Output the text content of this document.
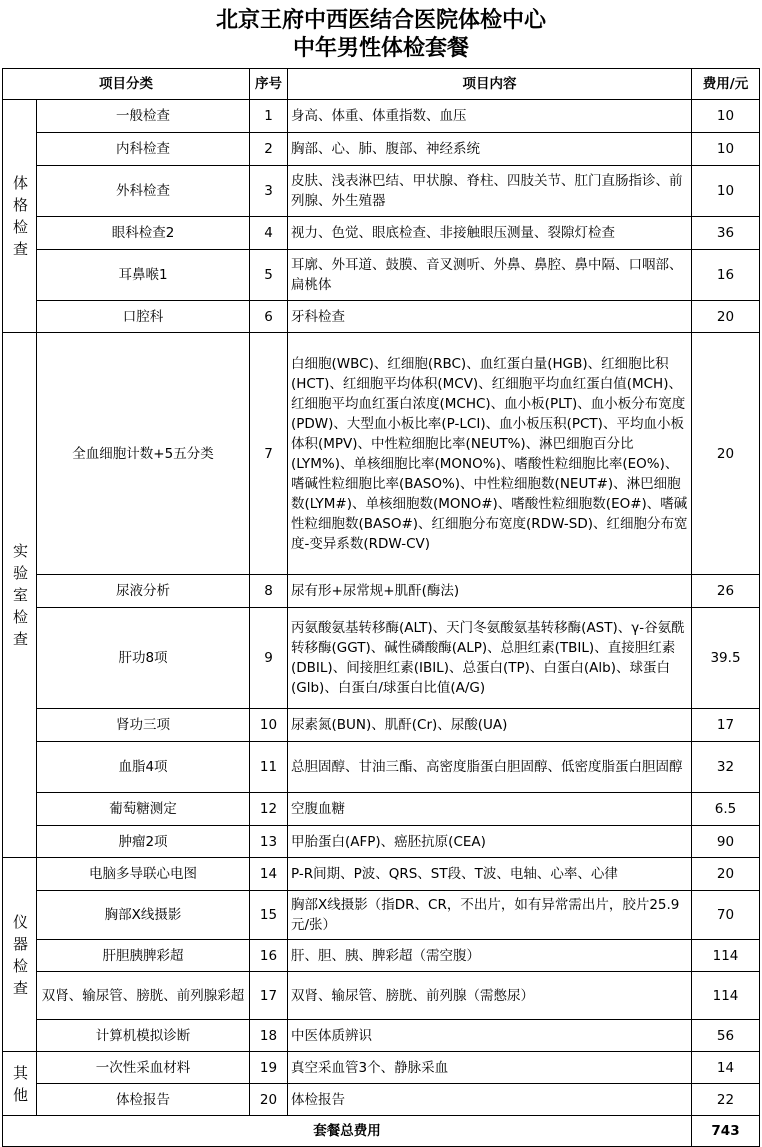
北京王府中西医结合医院体检中心
中年男性体检套餐
项目分类		序号	项目内容	费用/元
体格检查	一般检查	1	身高、体重、体重指数、血压	10
	内科检查	2	胸部、心、肺、腹部、神经系统	10
	外科检查	3	皮肤、浅表淋巴结、甲状腺、脊柱、四肢关节、肛门直肠指诊、前列腺、外生殖器	10
	眼科检查2	4	视力、色觉、眼底检查、非接触眼压测量、裂隙灯检查	36
	耳鼻喉1	5	耳廓、外耳道、鼓膜、音叉测听、外鼻、鼻腔、鼻中隔、口咽部、扁桃体	16
	口腔科	6	牙科检查	20
实验室检查	全血细胞计数+5五分类	7	白细胞(WBC)、红细胞(RBC)、血红蛋白量(HGB)、红细胞比积(HCT)、红细胞平均体积(MCV)、红细胞平均血红蛋白值(MCH)、红细胞平均血红蛋白浓度(MCHC)、血小板(PLT)、血小板分布宽度(PDW)、大型血小板比率(P-LCI)、血小板压积(PCT)、平均血小板体积(MPV)、中性粒细胞比率(NEUT%)、淋巴细胞百分比(LYM%)、单核细胞比率(MONO%)、嗜酸性粒细胞比率(EO%)、嗜碱性粒细胞比率(BASO%)、中性粒细胞数(NEUT#)、淋巴细胞数(LYM#)、单核细胞数(MONO#)、嗜酸性粒细胞数(EO#)、嗜碱性粒细胞数(BASO#)、红细胞分布宽度(RDW-SD)、红细胞分布宽度-变异系数(RDW-CV)	20
	尿液分析	8	尿有形+尿常规+肌酐(酶法)	26
	肝功8项	9	丙氨酸氨基转移酶(ALT)、天门冬氨酸氨基转移酶(AST)、γ-谷氨酰转移酶(GGT)、碱性磷酸酶(ALP)、总胆红素(TBIL)、直接胆红素(DBIL)、间接胆红素(IBIL)、总蛋白(TP)、白蛋白(Alb)、球蛋白(Glb)、白蛋白/球蛋白比值(A/G)	39.5
	肾功三项	10	尿素氮(BUN)、肌酐(Cr)、尿酸(UA)	17
	血脂4项	11	总胆固醇、甘油三酯、高密度脂蛋白胆固醇、低密度脂蛋白胆固醇	32
	葡萄糖测定	12	空腹血糖	6.5
	肿瘤2项	13	甲胎蛋白(AFP)、癌胚抗原(CEA)	90
仪器检查	电脑多导联心电图	14	P-R间期、P波、QRS、ST段、T波、电轴、心率、心律	20
	胸部X线摄影	15	胸部X线摄影（指DR、CR，不出片，如有异常需出片，胶片25.9元/张）	70
	肝胆胰脾彩超	16	肝、胆、胰、脾彩超（需空腹）	114
	双肾、输尿管、膀胱、前列腺彩超	17	双肾、输尿管、膀胱、前列腺（需憋尿）	114
	计算机模拟诊断	18	中医体质辨识	56
其他	一次性采血材料	19	真空采血管3个、静脉采血	14
	体检报告	20	体检报告	22
套餐总费用				743
